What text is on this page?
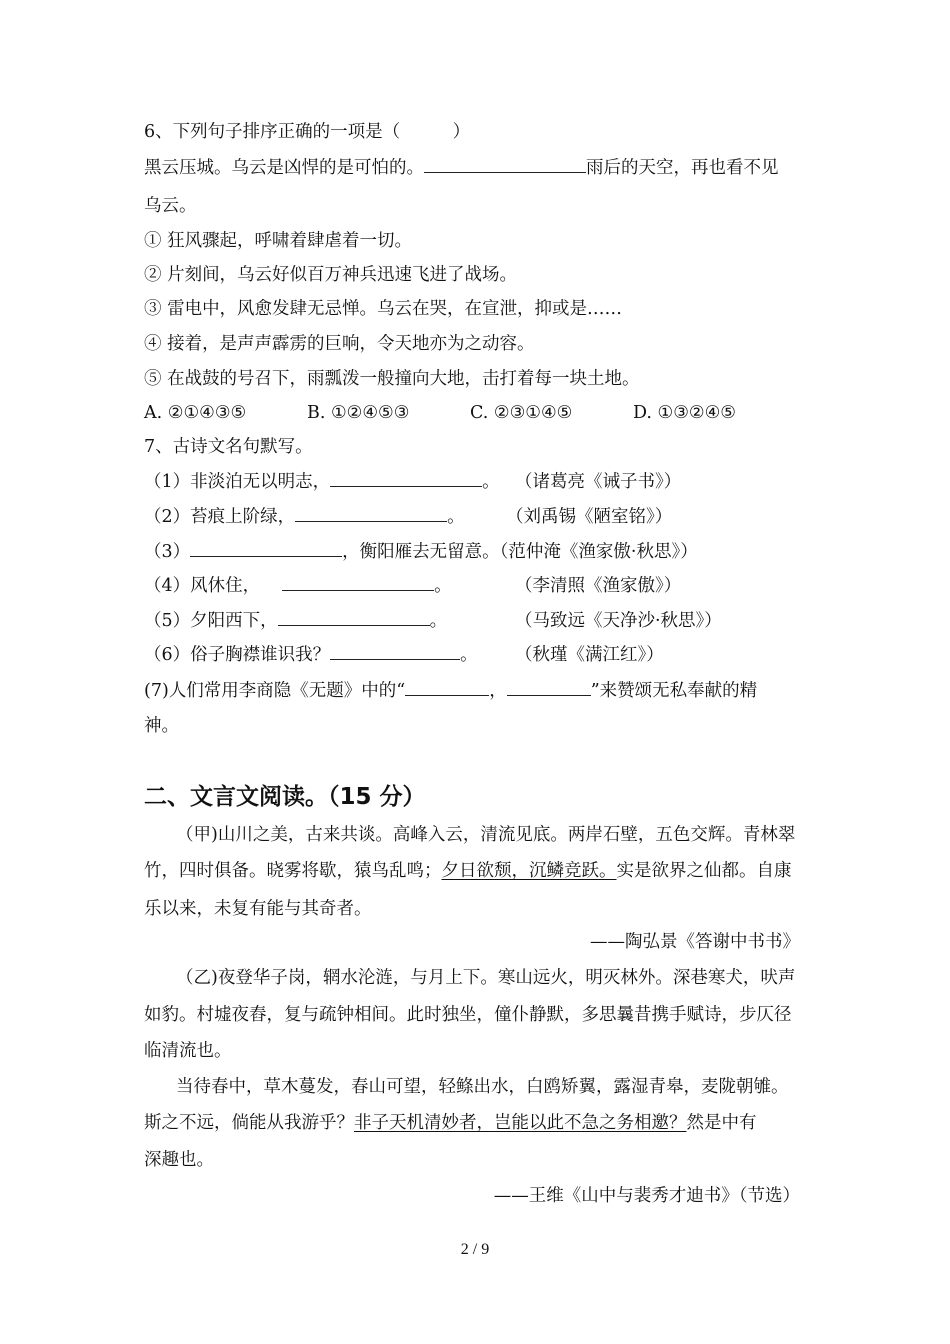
6、下列句子排序正确的一项是（　　　）
黑云压城。乌云是凶悍的是可怕的。	雨后的天空，再也看不见
乌云。
① 狂风骤起，呼啸着肆虐着一切。
② 片刻间，乌云好似百万神兵迅速飞进了战场。
③ 雷电中，风愈发肆无忌惮。乌云在哭，在宣泄，抑或是……
④ 接着，是声声霹雳的巨响，令天地亦为之动容。
⑤ 在战鼓的号召下，雨瓢泼一般撞向大地，击打着每一块土地。
A. ②①④③⑤	B. ①②④⑤③	C. ②③①④⑤	D. ①③②④⑤
7、古诗文名句默写。
（1）非淡泊无以明志，	。 （诸葛亮《诫子书》）
（2）苔痕上阶绿，	。 （刘禹锡《陋室铭》）
（3）	，衡阳雁去无留意。（范仲淹《渔家傲·秋思》）
（4）风休住，	。	（李清照《渔家傲》）
（5）夕阳西下，	。	（马致远《天净沙·秋思》）
（6）俗子胸襟谁识我？	。 （秋瑾《满江红》）
(7)人们常用李商隐《无题》中的“	，	”来赞颂无私奉献的精
神。
二、文言文阅读。（15 分）
（甲)山川之美，古来共谈。高峰入云，清流见底。两岸石壁，五色交辉。青林翠
竹，四时俱备。晓雾将歇，猿鸟乱鸣；夕日欲颓，沉鳞竞跃。实是欲界之仙都。自康
乐以来，未复有能与其奇者。
——陶弘景《答谢中书书》
（乙)夜登华子岗，辋水沦涟，与月上下。寒山远火，明灭林外。深巷寒犬，吠声
如豹。村墟夜舂，复与疏钟相间。此时独坐，僮仆静默，多思曩昔携手赋诗，步仄径
临清流也。
当待春中，草木蔓发，春山可望，轻鲦出水，白鸥矫翼，露湿青皋，麦陇朝雊。
斯之不远，倘能从我游乎？非子天机清妙者，岂能以此不急之务相邀？然是中有
深趣也。
——王维《山中与裴秀才迪书》（节选）
2 / 9
